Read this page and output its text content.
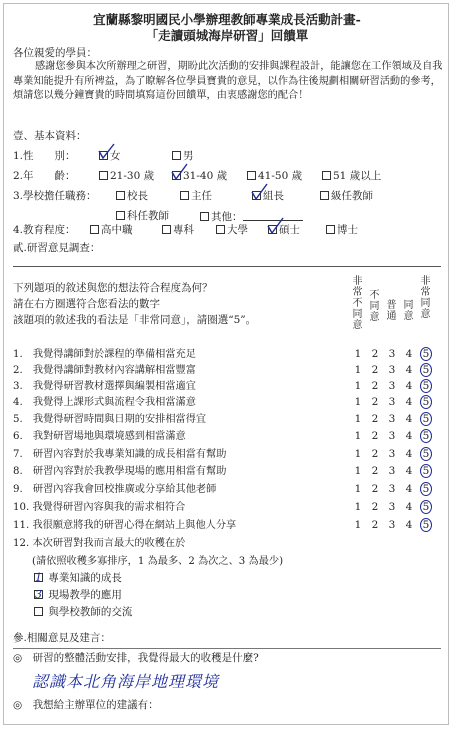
宜蘭縣黎明國民小學辦理教師專業成長活動計畫-
「走讀頭城海岸研習」回饋單
各位親愛的學員：
感謝您參與本次所辦理之研習，期盼此次活動的安排與課程設計，能讓您在工作領域及自我專業知能提升有所裨益，為了瞭解各位學員寶貴的意見，以作為往後規劃相關研習活動的參考，煩請您以幾分鐘寶貴的時間填寫這份回饋單，由衷感謝您的配合！
壹、基本資料：
1.性　　別：	女	男
2.年　　齡：	21-30 歲	31-40 歲	41-50 歲	51 歲以上
3.學校擔任職務：	校長	主任	組長	級任教師
科任教師	其他：
4.教育程度：	高中職	專科	大學	碩士	博士
貳.研習意見調查：
下列題項的敘述與您的想法符合程度為何？
請在右方圈選符合您看法的數字
該題項的敘述我的看法是「非常同意」，請圈選“5”。
非常不同意
不同意
普通
同意
非常同意
1.　我覺得講師對於課程的準備相當充足	1 2 3 4 5
2.　我覺得講師對教材內容講解相當豐富	1 2 3 4 5
3.　我覺得研習教材選擇與編製相當適宜	1 2 3 4 5
4.　我覺得上課形式與流程令我相當滿意	1 2 3 4 5
5.　我覺得研習時間與日期的安排相當得宜	1 2 3 4 5
6.　我對研習場地與環境感到相當滿意	1 2 3 4 5
7.　研習內容對於我專業知識的成長相當有幫助	1 2 3 4 5
8.　研習內容對於我教學現場的應用相當有幫助	1 2 3 4 5
9.　研習內容我會回校推廣或分享給其他老師	1 2 3 4 5
10. 我覺得研習內容與我的需求相符合	1 2 3 4 5
11. 我很願意將我的研習心得在網站上與他人分享	1 2 3 4 5
12. 本次研習對我而言最大的收穫在於
(請依照收穫多寡排序，1 為最多、2 為次之、3 為最少)
1 專業知識的成長
3 現場教學的應用
與學校教師的交流
參.相關意見及建言：
◎　研習的整體活動安排，我覺得最大的收穫是什麼?
認識本北角海岸地理環境
◎　我想給主辦單位的建議有：
